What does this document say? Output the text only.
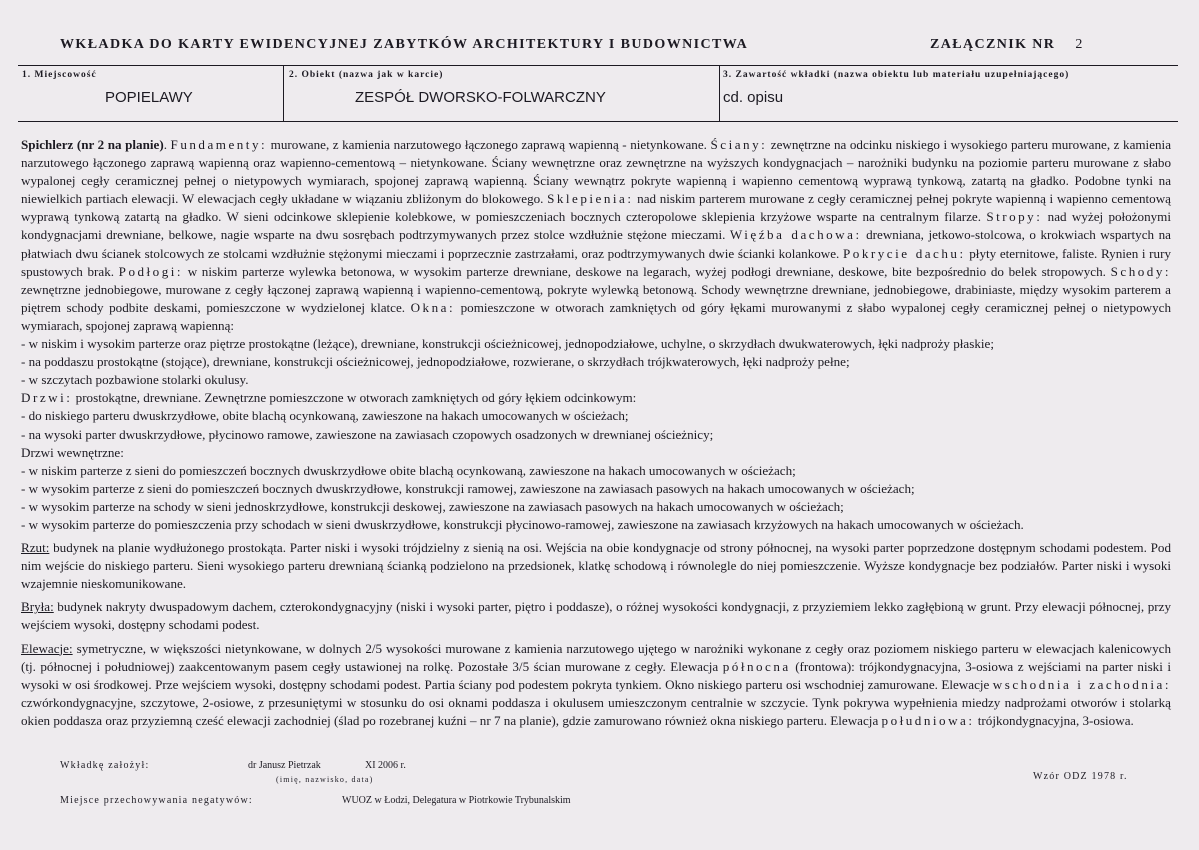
WKŁADKA DO KARTY EWIDENCYJNEJ ZABYTKÓW ARCHITEKTURY I BUDOWNICTWA	ZAŁĄCZNIK NR 2
1. Miejscowość
POPIELAWY
2. Obiekt (nazwa jak w karcie)
ZESPÓŁ DWORSKO-FOLWARCZNY
3. Zawartość wkładki (nazwa obiektu lub materiału uzupełniającego)
cd. opisu

Spichlerz (nr 2 na planie). Fundamenty: murowane, z kamienia narzutowego łączonego zaprawą wapienną - nietynkowane. Ściany: zewnętrzne na odcinku niskiego i wysokiego parteru murowane, z kamienia narzutowego łączonego zaprawą wapienną oraz wapienno-cementową – nietynkowane. Ściany wewnętrzne oraz zewnętrzne na wyższych kondygnacjach – narożniki budynku na poziomie parteru murowane z słabo wypalonej cegły ceramicznej pełnej o nietypowych wymiarach, spojonej zaprawą wapienną. Ściany wewnątrz pokryte wapienną i wapienno cementową wyprawą tynkową, zatartą na gładko. Podobne tynki na niewielkich partiach elewacji. W elewacjach cegły układane w wiązaniu zbliżonym do blokowego. Sklepienia: nad niskim parterem murowane z cegły ceramicznej pełnej pokryte wapienną i wapienno cementową wyprawą tynkową zatartą na gładko. W sieni odcinkowe sklepienie kolebkowe, w pomieszczeniach bocznych czteropolowe sklepienia krzyżowe wsparte na centralnym filarze. Stropy: nad wyżej położonymi kondygnacjami drewniane, belkowe, nagie wsparte na dwu sosrębach podtrzymywanych przez stolce wzdłużnie stężone mieczami. Więźba dachowa: drewniana, jetkowo-stolcowa, o krokwiach wspartych na płatwiach dwu ścianek stolcowych ze stolcami wzdłużnie stężonymi mieczami i poprzecznie zastrzałami, oraz podtrzymywanych dwie ścianki kolankowe. Pokrycie dachu: płyty eternitowe, faliste. Rynien i rury spustowych brak. Podłogi: w niskim parterze wylewka betonowa, w wysokim parterze drewniane, deskowe na legarach, wyżej podłogi drewniane, deskowe, bite bezpośrednio do belek stropowych. Schody: zewnętrzne jednobiegowe, murowane z cegły łączonej zaprawą wapienną i wapienno-cementową, pokryte wylewką betonową. Schody wewnętrzne drewniane, jednobiegowe, drabiniaste, między wysokim parterem a piętrem schody podbite deskami, pomieszczone w wydzielonej klatce. Okna: pomieszczone w otworach zamkniętych od góry łękami murowanymi z słabo wypalonej cegły ceramicznej pełnej o nietypowych wymiarach, spojonej zaprawą wapienną:

- w niskim i wysokim parterze oraz piętrze prostokątne (leżące), drewniane, konstrukcji ościeżnicowej, jednopodziałowe, uchylne, o skrzydłach dwukwaterowych, łęki nadproży płaskie;

- na poddaszu prostokątne (stojące), drewniane, konstrukcji ościeżnicowej, jednopodziałowe, rozwierane, o skrzydłach trójkwaterowych, łęki nadproży pełne;

- w szczytach pozbawione stolarki okulusy.

Drzwi: prostokątne, drewniane. Zewnętrzne pomieszczone w otworach zamkniętych od góry łękiem odcinkowym:

- do niskiego parteru dwuskrzydłowe, obite blachą ocynkowaną, zawieszone na hakach umocowanych w ościeżach;

- na wysoki parter dwuskrzydłowe, płycinowo ramowe, zawieszone na zawiasach czopowych osadzonych w drewnianej ościeżnicy;

Drzwi wewnętrzne:

- w niskim parterze z sieni do pomieszczeń bocznych dwuskrzydłowe obite blachą ocynkowaną, zawieszone na hakach umocowanych w ościeżach;

- w wysokim parterze z sieni do pomieszczeń bocznych dwuskrzydłowe, konstrukcji ramowej, zawieszone na zawiasach pasowych na hakach umocowanych w ościeżach;

- w wysokim parterze na schody w sieni jednoskrzydłowe, konstrukcji deskowej, zawieszone na zawiasach pasowych na hakach umocowanych w ościeżach;

- w wysokim parterze do pomieszczenia przy schodach w sieni dwuskrzydłowe, konstrukcji płycinowo-ramowej, zawieszone na zawiasach krzyżowych na hakach umocowanych w ościeżach.

Rzut: budynek na planie wydłużonego prostokąta. Parter niski i wysoki trójdzielny z sienią na osi. Wejścia na obie kondygnacje od strony północnej, na wysoki parter poprzedzone dostępnym schodami podestem. Pod nim wejście do niskiego parteru. Sieni wysokiego parteru drewnianą ścianką podzielono na przedsionek, klatkę schodową i równolegle do niej pomieszczenie. Wyższe kondygnacje bez podziałów. Parter niski i wysoki wzajemnie nieskomunikowane.

Bryła: budynek nakryty dwuspadowym dachem, czterokondygnacyjny (niski i wysoki parter, piętro i poddasze), o różnej wysokości kondygnacji, z przyziemiem lekko zagłębioną w grunt. Przy elewacji północnej, przy wejściem wysoki, dostępny schodami podest.

Elewacje: symetryczne, w większości nietynkowane, w dolnych 2/5 wysokości murowane z kamienia narzutowego ujętego w narożniki wykonane z cegły oraz poziomem niskiego parteru w elewacjach kalenicowych (tj. północnej i południowej) zaakcentowanym pasem cegły ustawionej na rolkę. Pozostałe 3/5 ścian murowane z cegły. Elewacja północna (frontowa): trójkondygnacyjna, 3-osiowa z wejściami na parter niski i wysoki w osi środkowej. Prze wejściem wysoki, dostępny schodami podest. Partia ściany pod podestem pokryta tynkiem. Okno niskiego parteru osi wschodniej zamurowane. Elewacje wschodnia i zachodnia: czwórkondygnacyjne, szczytowe, 2-osiowe, z przesuniętymi w stosunku do osi oknami poddasza i okulusem umieszczonym centralnie w szczycie. Tynk pokrywa wypełnienia miedzy nadprożami otworów i stolarką okien poddasza oraz przyziemną cześć elewacji zachodniej (ślad po rozebranej kuźni – nr 7 na planie), gdzie zamurowano również okna niskiego parteru. Elewacja południowa: trójkondygnacyjna, 3-osiowa.

Wkładkę założył:	dr Janusz Pietrzak	XI 2006 r.
(imię, nazwisko, data)	Wzór ODZ 1978 r.
Miejsce przechowywania negatywów:	WUOZ w Łodzi, Delegatura w Piotrkowie Trybunalskim
